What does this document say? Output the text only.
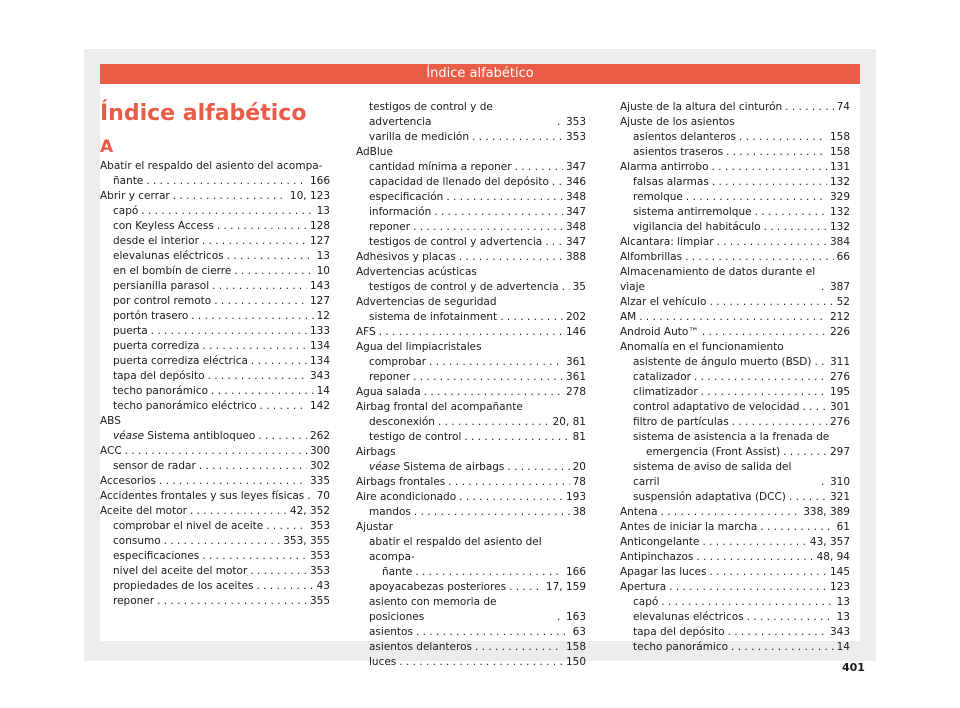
Índice alfabético
Índice alfabético
A
Abatir el respaldo del asiento del acompa-
ñante . . .	166
Abrir y cerrar . . .	10, 123
capó . . .	13
con Keyless Access . . .	128
desde el interior . . .	127
elevalunas eléctricos . . .	13
en el bombín de cierre . . .	10
persianilla parasol . . .	143
por control remoto . . .	127
portón trasero . . .	12
puerta . . .	133
puerta corrediza . . .	134
puerta corrediza eléctrica . . .	134
tapa del depósito . . .	343
techo panorámico . . .	14
techo panorámico eléctrico . . .	142
ABS
véase Sistema antibloqueo . . .	262
ACC . . .	300
sensor de radar . . .	302
Accesorios . . .	335
Accidentes frontales y sus leyes físicas . . . 70
Aceite del motor . . .	42, 352
comprobar el nivel de aceite . . .	353
consumo . . .	353, 355
especificaciones . . .	353
nivel del aceite del motor . . .	353
propiedades de los aceites . . .	43
reponer . . .	355
testigos de control y de advertencia . . .	353
varilla de medición . . .	353
AdBlue
cantidad mínima a reponer . . .	347
capacidad de llenado del depósito . . . 346
especificación . . .	348
información . . .	347
reponer . . .	348
testigos de control y advertencia . . . 347
Adhesivos y placas . . .	388
Advertencias acústicas
testigos de control y de advertencia . . . 35
Advertencias de seguridad
sistema de infotainment . . .	202
AFS . . .	146
Agua del limpiacristales
comprobar . . .	361
reponer . . .	361
Agua salada . . .	278
Airbag frontal del acompañante
desconexión . . .	20, 81
testigo de control . . .	81
Airbags
véase Sistema de airbags . . .	20
Airbags frontales . . .	78
Aire acondicionado . . .	193
mandos . . .	38
Ajustar
abatir el respaldo del asiento del acompa-
ñante . . .	166
apoyacabezas posteriores . . .	17, 159
asiento con memoria de posiciones . . .	163
asientos . . .	63
asientos delanteros . . .	158
luces . . .	150
Ajuste de la altura del cinturón . . .	74
Ajuste de los asientos
asientos delanteros . . .	158
asientos traseros . . .	158
Alarma antirrobo . . .	131
falsas alarmas . . .	132
remolque . . .	329
sistema antirremolque . . .	132
vigilancia del habitáculo . . .	132
Alcantara: limpiar . . .	384
Alfombrillas . . .	66
Almacenamiento de datos durante el viaje . . .	387
Alzar el vehículo . . .	52
AM . . .	212
Android Auto™ . . .	226
Anomalía en el funcionamiento
asistente de ángulo muerto (BSD) . . . 311
catalizador . . .	276
climatizador . . .	195
control adaptativo de velocidad . . .	301
filtro de partículas . . .	276
sistema de asistencia a la frenada de
emergencia (Front Assist) . . .	297
sistema de aviso de salida del carril . . .	310
suspensión adaptativa (DCC) . . .	321
Antena . . .	338, 389
Antes de iniciar la marcha . . .	61
Anticongelante . . .	43, 357
Antipinchazos . . .	48, 94
Apagar las luces . . .	145
Apertura . . .	123
capó . . .	13
elevalunas eléctricos . . .	13
tapa del depósito . . .	343
techo panorámico . . .	14
401
